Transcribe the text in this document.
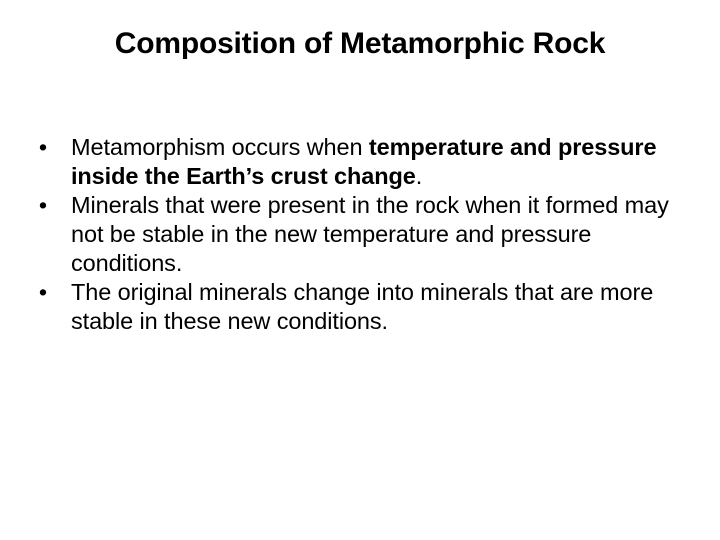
Composition of Metamorphic Rock
• Metamorphism occurs when temperature and pressure inside the Earth’s crust change.
• Minerals that were present in the rock when it formed may not be stable in the new temperature and pressure conditions.
• The original minerals change into minerals that are more stable in these new conditions.
